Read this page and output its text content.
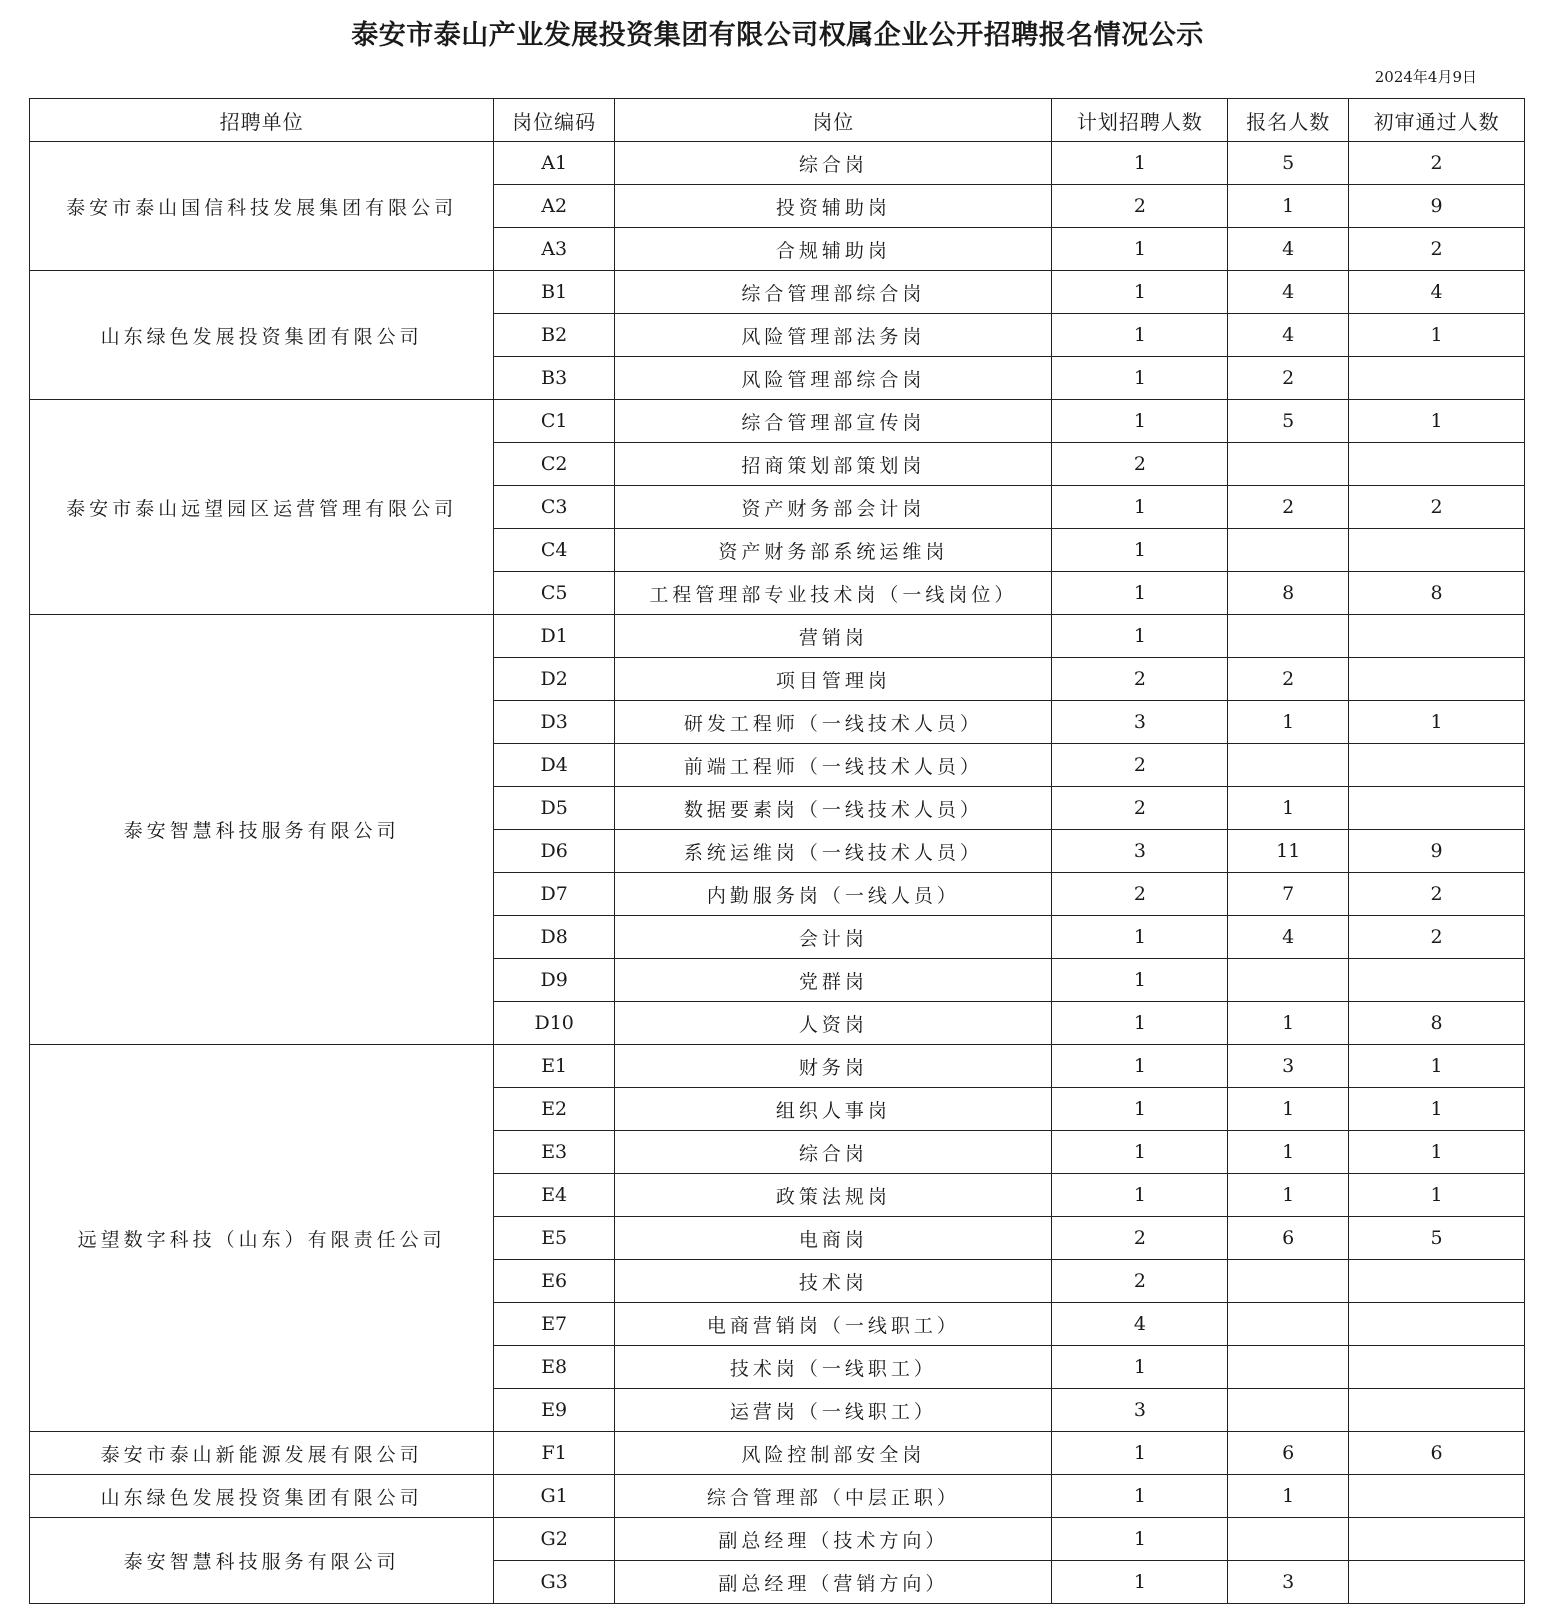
泰安市泰山产业发展投资集团有限公司权属企业公开招聘报名情况公示
2024年4月9日
招聘单位	岗位编码	岗位	计划招聘人数	报名人数	初审通过人数
泰安市泰山国信科技发展集团有限公司	A1	综合岗	1	5	2
	A2	投资辅助岗	2	1	9
	A3	合规辅助岗	1	4	2
山东绿色发展投资集团有限公司	B1	综合管理部综合岗	1	4	4
	B2	风险管理部法务岗	1	4	1
	B3	风险管理部综合岗	1	2	
泰安市泰山远望园区运营管理有限公司	C1	综合管理部宣传岗	1	5	1
	C2	招商策划部策划岗	2		
	C3	资产财务部会计岗	1	2	2
	C4	资产财务部系统运维岗	1		
	C5	工程管理部专业技术岗（一线岗位）	1	8	8
泰安智慧科技服务有限公司	D1	营销岗	1		
	D2	项目管理岗	2	2	
	D3	研发工程师（一线技术人员）	3	1	1
	D4	前端工程师（一线技术人员）	2		
	D5	数据要素岗（一线技术人员）	2	1	
	D6	系统运维岗（一线技术人员）	3	11	9
	D7	内勤服务岗（一线人员）	2	7	2
	D8	会计岗	1	4	2
	D9	党群岗	1		
	D10	人资岗	1	1	8
远望数字科技（山东）有限责任公司	E1	财务岗	1	3	1
	E2	组织人事岗	1	1	1
	E3	综合岗	1	1	1
	E4	政策法规岗	1	1	1
	E5	电商岗	2	6	5
	E6	技术岗	2		
	E7	电商营销岗（一线职工）	4		
	E8	技术岗（一线职工）	1		
	E9	运营岗（一线职工）	3		
泰安市泰山新能源发展有限公司	F1	风险控制部安全岗	1	6	6
山东绿色发展投资集团有限公司	G1	综合管理部（中层正职）	1	1	
泰安智慧科技服务有限公司	G2	副总经理（技术方向）	1		
	G3	副总经理（营销方向）	1	3	
